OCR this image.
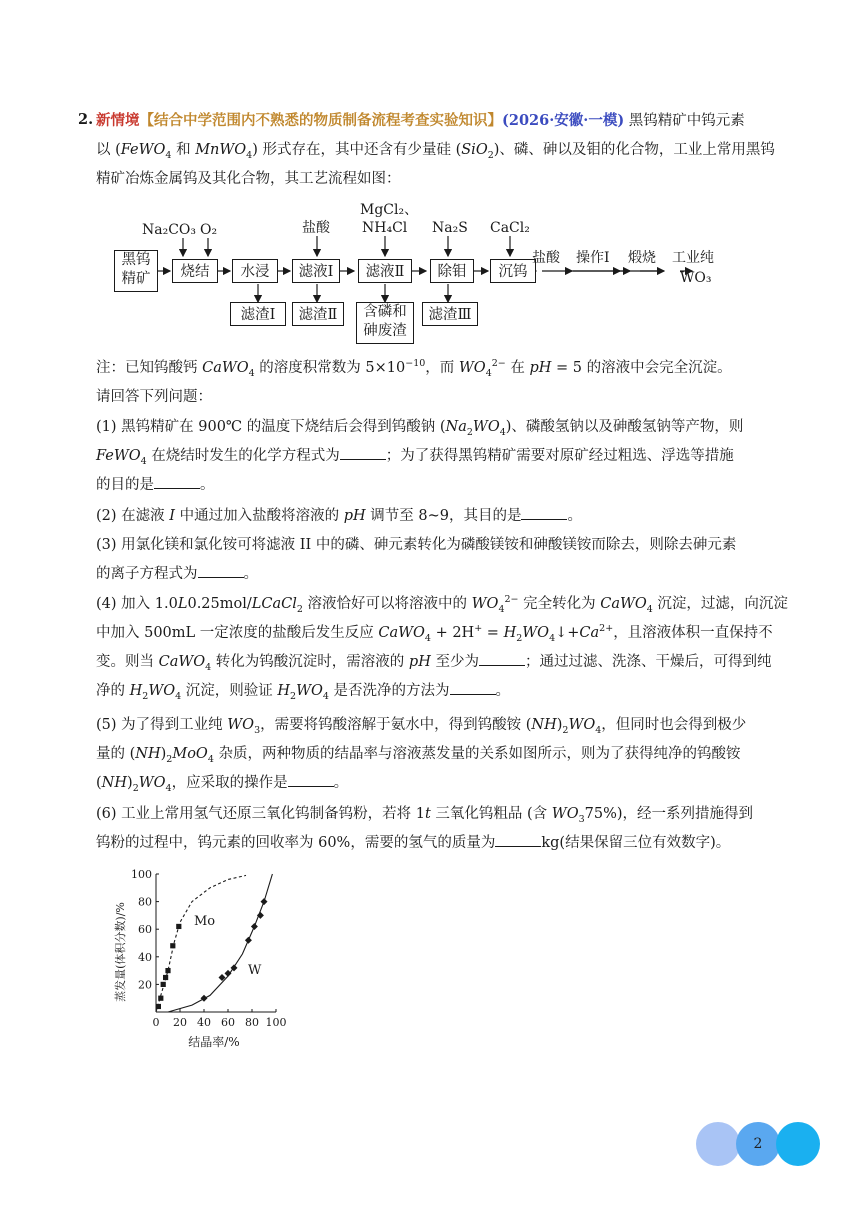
2. 新情境【结合中学范围内不熟悉的物质制备流程考查实验知识】(2026·安徽·一模) 黑钨精矿中钨元素
以 (FeWO$_4$ 和 MnWO$_4$) 形式存在，其中还含有少量硅 (SiO$_2$)、磷、砷以及钼的化合物，工业上常用黑钨
精矿冶炼金属钨及其化合物，其工艺流程如图：
黑钨
精矿	烧结	水浸	滤液Ⅰ	滤液Ⅱ	除钼	沉钨
滤渣Ⅰ	滤渣Ⅱ	含磷和
砷废渣
滤渣Ⅲ
Na₂CO₃ O₂	盐酸
MgCl₂、
NH₄Cl Na₂S CaCl₂
盐酸 操作Ⅰ 煅烧 工业纯
WO₃
注：已知钨酸钙 CaWO$_4$ 的溶度积常数为 $5\times 10^{-10}$，而 $WO_4^{2-}$ 在 pH = 5 的溶液中会完全沉淀。
请回答下列问题：
(1) 黑钨精矿在 900℃ 的温度下烧结后会得到钨酸钠 $(Na_2WO_4)$、磷酸氢钠以及砷酸氢钠等产物，则
FeWO$_4$ 在烧结时发生的化学方程式为	；为了获得黑钨精矿需要对原矿经过粗选、浮选等措施
的目的是	。
(2) 在滤液 I 中通过加入盐酸将溶液的 pH 调节至 8~9，其目的是	。
(3) 用氯化镁和氯化铵可将滤液 II 中的磷、砷元素转化为磷酸镁铵和砷酸镁铵而除去，则除去砷元素
的离子方程式为	。
(4) 加入 1.0L0.25mol/LCaCl$_2$ 溶液恰好可以将溶液中的 $WO_4^{2-}$ 完全转化为 CaWO$_4$ 沉淀，过滤，向沉淀
中加入 500mL 一定浓度的盐酸后发生反应 CaWO$_4$ + $2H^+ = H_2WO_4↓+Ca^{2+}$，且溶液体积一直保持不
变。则当 CaWO$_4$ 转化为钨酸沉淀时，需溶液的 pH 至少为	；通过过滤、洗涤、干燥后，可得到纯
净的 $H_2WO_4$ 沉淀，则验证 $H_2WO_4$ 是否洗净的方法为	。
(5) 为了得到工业纯 $WO_3$，需要将钨酸溶解于氨水中，得到钨酸铵 $(NH)_2WO_4$，但同时也会得到极少
量的 $(NH)_2MoO_4$ 杂质，两种物质的结晶率与溶液蒸发量的关系如图所示，则为了获得纯净的钨酸铵
$(NH)_2WO_4$，应采取的操作是	。
(6) 工业上常用氢气还原三氧化钨制备钨粉，若将 1t 三氧化钨粗品 (含 $WO_375\%$)，经一系列措施得到
钨粉的过程中，钨元素的回收率为 60%，需要的氢气的质量为	kg(结果保留三位有效数字)。
0 20 40 60 80 100
20
40
60
80
100
结晶率/%
蒸发量(体积分数)/%	Mo
W
2
